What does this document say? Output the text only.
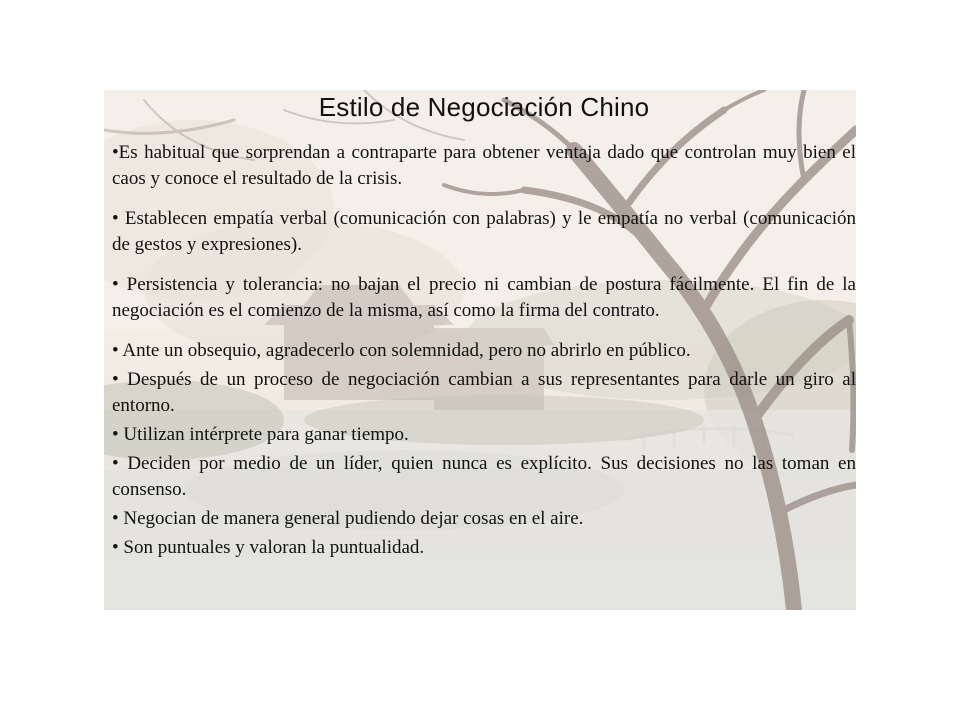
Estilo de Negociación Chino

•Es habitual que sorprendan a contraparte para obtener ventaja dado que controlan muy bien el caos y conoce el resultado de la crisis.

• Establecen empatía verbal (comunicación con palabras) y le empatía no verbal (comunicación de gestos y expresiones).

• Persistencia y tolerancia: no bajan el precio ni cambian de postura fácilmente. El fin de la negociación es el comienzo de la misma, así como la firma del contrato.

• Ante un obsequio, agradecerlo con solemnidad, pero no abrirlo en público.

• Después de un proceso de negociación cambian a sus representantes para darle un giro al entorno.

• Utilizan intérprete para ganar tiempo.

• Deciden por medio de un líder, quien nunca es explícito. Sus decisiones no las toman en consenso.

• Negocian de manera general pudiendo dejar cosas en el aire.

• Son puntuales y valoran la puntualidad.
